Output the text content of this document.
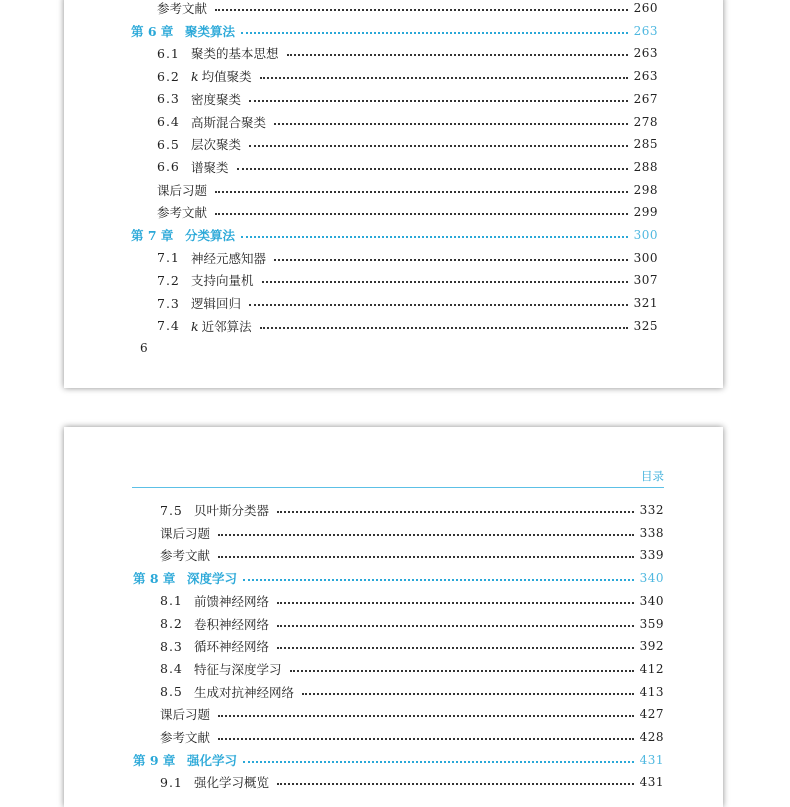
参考文献	260
第 6 章 聚类算法	263
6.1 聚类的基本思想	263
6.2 k 均值聚类	263
6.3 密度聚类	267
6.4 高斯混合聚类	278
6.5 层次聚类	285
6.6 谱聚类	288
课后习题	298
参考文献	299
第 7 章 分类算法	300
7.1 神经元感知器	300
7.2 支持向量机	307
7.3 逻辑回归	321
7.4 k 近邻算法	325
6
目录
7.5 贝叶斯分类器	332
课后习题	338
参考文献	339
第 8 章 深度学习	340
8.1 前馈神经网络	340
8.2 卷积神经网络	359
8.3 循环神经网络	392
8.4 特征与深度学习	412
8.5 生成对抗神经网络	413
课后习题	427
参考文献	428
第 9 章 强化学习	431
9.1 强化学习概览	431
